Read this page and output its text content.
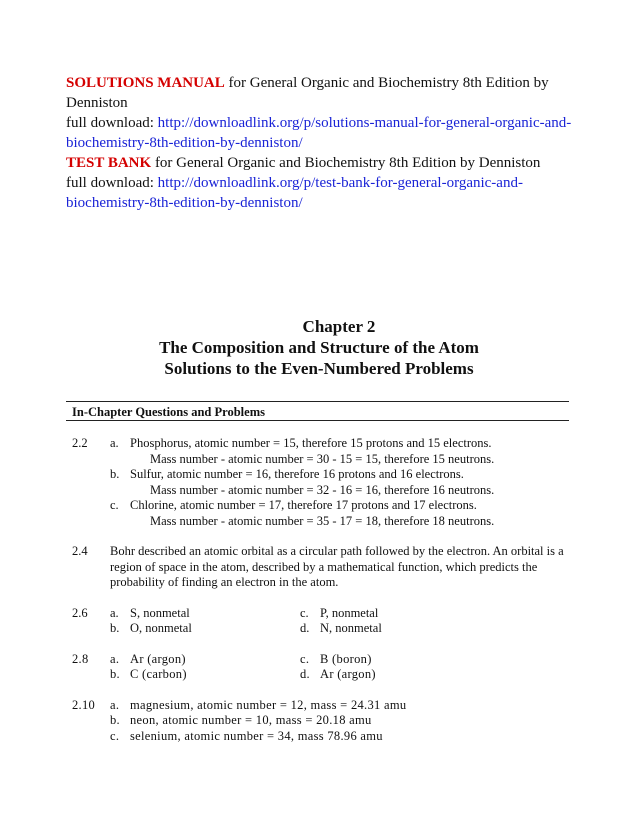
SOLUTIONS MANUAL for General Organic and Biochemistry 8th Edition by Denniston
full download: http://downloadlink.org/p/solutions-manual-for-general-organic-and-biochemistry-8th-edition-by-denniston/
TEST BANK for General Organic and Biochemistry 8th Edition by Denniston
full download: http://downloadlink.org/p/test-bank-for-general-organic-and-biochemistry-8th-edition-by-denniston/
Chapter 2
The Composition and Structure of the Atom
Solutions to the Even-Numbered Problems
In-Chapter Questions and Problems
2.2	a. Phosphorus, atomic number = 15, therefore 15 protons and 15 electrons.
Mass number - atomic number = 30 - 15 = 15, therefore 15 neutrons.
b. Sulfur, atomic number = 16, therefore 16 protons and 16 electrons.
Mass number - atomic number = 32 - 16 = 16, therefore 16 neutrons.
c. Chlorine, atomic number = 17, therefore 17 protons and 17 electrons.
Mass number - atomic number = 35 - 17 = 18, therefore 18 neutrons.
2.4	Bohr described an atomic orbital as a circular path followed by the electron. An orbital is a region of space in the atom, described by a mathematical function, which predicts the probability of finding an electron in the atom.
2.6	a. S, nonmetal	c. P, nonmetal
b. O, nonmetal	d. N, nonmetal
2.8	a. Ar (argon)	c. B (boron)
b. C (carbon)	d. Ar (argon)
2.10	a. magnesium, atomic number = 12, mass = 24.31 amu
b. neon, atomic number = 10, mass = 20.18 amu
c. selenium, atomic number = 34, mass 78.96 amu
